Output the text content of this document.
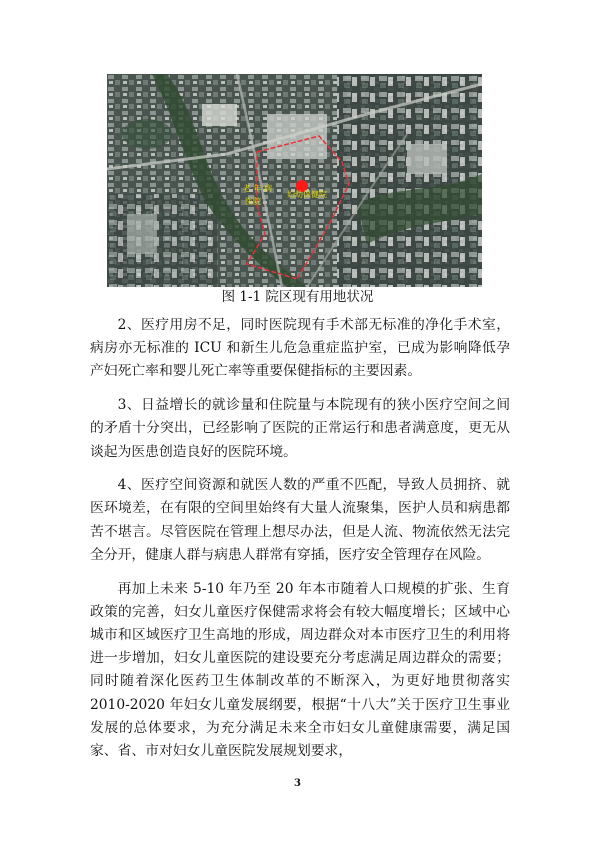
老 年 病
医院
妇幼保健院
图 1-1 院区现有用地状况

2、医疗用房不足，同时医院现有手术部无标准的净化手术室，病房亦无标准的 ICU 和新生儿危急重症监护室，已成为影响降低孕产妇死亡率和婴儿死亡率等重要保健指标的主要因素。

3、日益增长的就诊量和住院量与本院现有的狭小医疗空间之间的矛盾十分突出，已经影响了医院的正常运行和患者满意度，更无从谈起为医患创造良好的医院环境。

4、医疗空间资源和就医人数的严重不匹配，导致人员拥挤、就医环境差，在有限的空间里始终有大量人流聚集，医护人员和病患都苦不堪言。尽管医院在管理上想尽办法，但是人流、物流依然无法完全分开，健康人群与病患人群常有穿插，医疗安全管理存在风险。

再加上未来 5-10 年乃至 20 年本市随着人口规模的扩张、生育政策的完善，妇女儿童医疗保健需求将会有较大幅度增长；区域中心城市和区域医疗卫生高地的形成，周边群众对本市医疗卫生的利用将进一步增加，妇女儿童医院的建设要充分考虑满足周边群众的需要；同时随着深化医药卫生体制改革的不断深入，为更好地贯彻落实 2010-2020 年妇女儿童发展纲要，根据“十八大”关于医疗卫生事业发展的总体要求，为充分满足未来全市妇女儿童健康需要，满足国家、省、市对妇女儿童医院发展规划要求，

3
